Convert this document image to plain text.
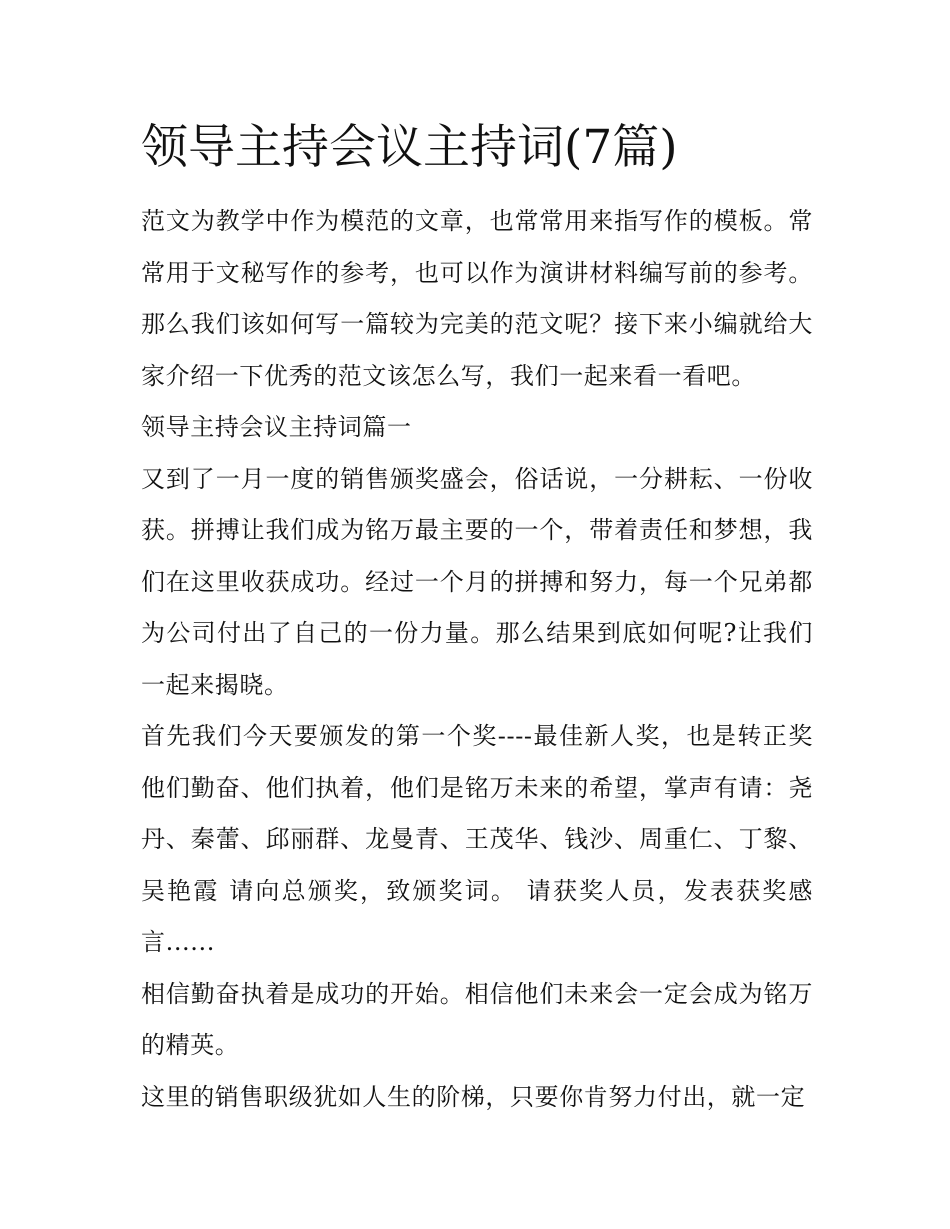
领导主持会议主持词(7篇)

范文为教学中作为模范的文章，也常常用来指写作的模板。常常用于文秘写作的参考，也可以作为演讲材料编写前的参考。那么我们该如何写一篇较为完美的范文呢？接下来小编就给大家介绍一下优秀的范文该怎么写，我们一起来看一看吧。

领导主持会议主持词篇一

又到了一月一度的销售颁奖盛会，俗话说，一分耕耘、一份收获。拼搏让我们成为铭万最主要的一个，带着责任和梦想，我们在这里收获成功。经过一个月的拼搏和努力，每一个兄弟都为公司付出了自己的一份力量。那么结果到底如何呢?让我们一起来揭晓。

首先我们今天要颁发的第一个奖----最佳新人奖，也是转正奖他们勤奋、他们执着，他们是铭万未来的希望，掌声有请：尧丹、秦蕾、邱丽群、龙曼青、王茂华、钱沙、周重仁、丁黎、吴艳霞 请向总颁奖，致颁奖词。 请获奖人员，发表获奖感言......

相信勤奋执着是成功的开始。相信他们未来会一定会成为铭万的精英。

这里的销售职级犹如人生的阶梯，只要你肯努力付出，就一定
